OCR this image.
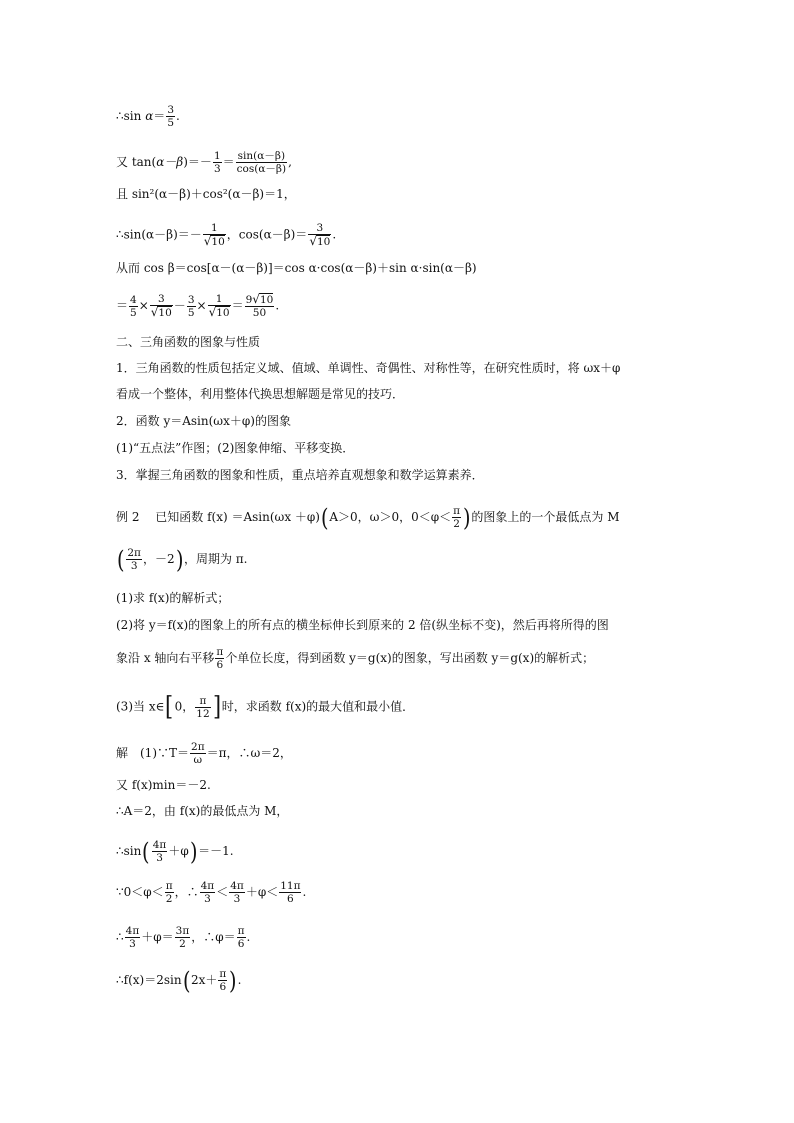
∴sin $\alpha= \frac{3}{5}$ .
又 $\tan(\alpha-\beta)=- \frac{1}{3} = \frac{\sin(\alpha-\beta)}{\cos(\alpha-\beta)}$ ,
且 sin²(α－β)＋cos²(α－β)＝1，
∴sin(α－β)＝－ $\frac{1}{√10}$ ，$\cos(\alpha-\beta)= \frac{3}{√10}$ .
从而 cos β＝cos[α－(α－β)]＝cos α·cos(α－β)＋sin α·sin(α－β)
＝ $\frac{4}{5} \times \frac{3}{√10} - \frac{3}{5} \times \frac{1}{√10} = \frac{9√10}{50}$ .
二、三角函数的图象与性质
1．三角函数的性质包括定义域、值域、单调性、奇偶性、对称性等，在研究性质时，将 ωx＋φ
看成一个整体，利用整体代换思想解题是常见的技巧．
2．函数 y＝Asin(ωx＋φ)的图象
(1)“五点法”作图；(2)图象伸缩、平移变换．
3．掌握三角函数的图象和性质，重点培养直观想象和数学运算素养．
例 2　 已知函数 f(x) ＝Asin(ωx ＋φ)(A＞0，ω＞0，$0<\varphi< \frac{\pi}{2}$ )的图象上的一个最低点为 M
( $\frac{2\pi}{3}$ ，－2)，周期为 π.
(1)求 f(x)的解析式；
(2)将 y＝f(x)的图象上的所有点的横坐标伸长到原来的 2 倍(纵坐标不变)，然后再将所得的图
象沿 x 轴向右平移 $\frac{\pi}{6}$ 个单位长度，得到函数 y＝g(x)的图象，写出函数 y＝g(x)的解析式；
(3)当 x∈[0， $\frac{\pi}{12}$ ]时，求函数 f(x)的最大值和最小值．
解　(1)∵T＝ $\frac{2\pi}{\omega} =\pi$，∴ω＝2，
又 f(x)min＝－2.
∴A＝2，由 f(x)的最低点为 M，
∴sin( $\frac{4\pi}{3} +\varphi)=-1$.
∵0＜φ＜ $\frac{\pi}{2}$ ，∴ $\frac{4\pi}{3} < \frac{4\pi}{3} +\varphi< \frac{11\pi}{6}$ .
∴ $\frac{4\pi}{3} +\varphi= \frac{3\pi}{2}$ ，∴φ＝ $\frac{\pi}{6}$ .
∴f(x)＝2sin(2x＋ $\frac{\pi}{6}$ ).
